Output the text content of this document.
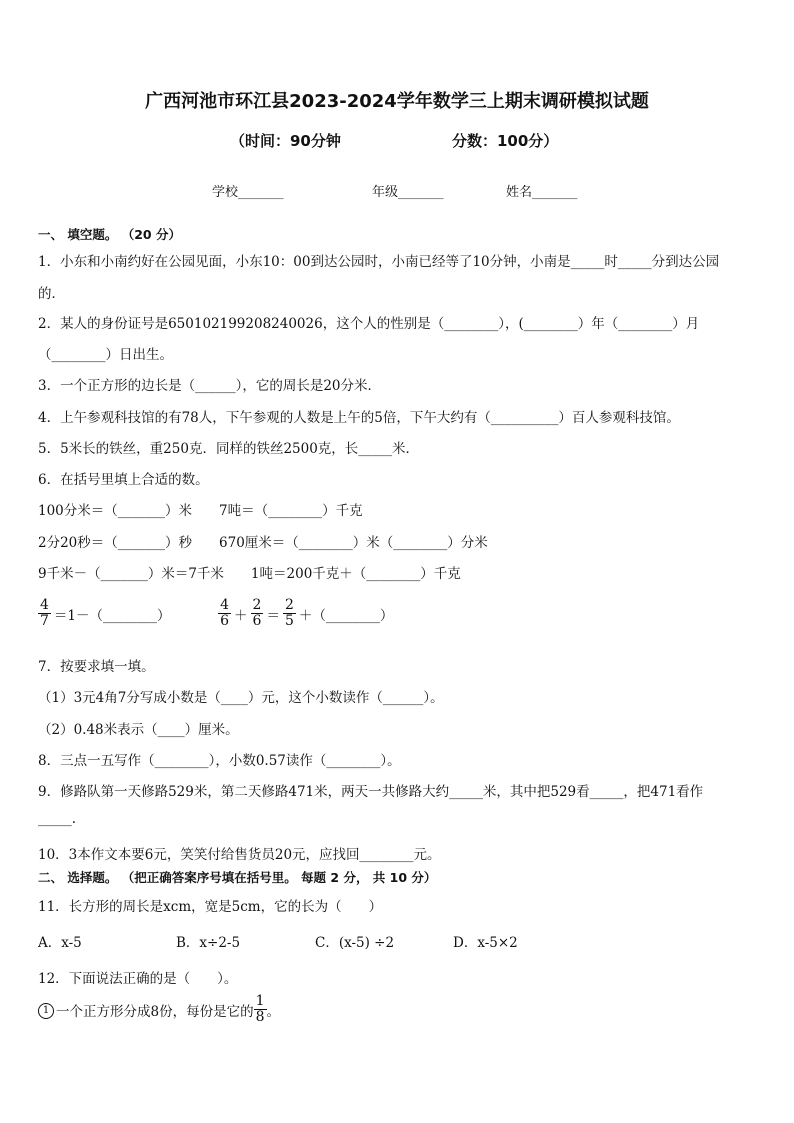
广西河池市环江县2023-2024学年数学三上期末调研模拟试题
（时间：90分钟	分数：100分）
学校_______	年级_______	姓名_______
一、 填空题。 （20 分）
1．小东和小南约好在公园见面，小东10：00到达公园时，小南已经等了10分钟，小南是_____时_____分到达公园
的．
2．某人的身份证号是650102199208240026，这个人的性别是（________），(________）年（________）月
（________）日出生。
3．一个正方形的边长是（______），它的周长是20分米．
4．上午参观科技馆的有78人，下午参观的人数是上午的5倍，下午大约有（__________）百人参观科技馆。
5．5米长的铁丝，重250克．同样的铁丝2500克，长_____米．
6．在括号里填上合适的数。
100分米＝（_______）米　　7吨＝（________）千克
2分20秒＝（_______）秒　　670厘米＝（________）米（________）分米
9千米－（_______）米＝7千米　　1吨＝200千克＋（________）千克
$\frac{4}{7}$ ＝1－（________）	$\frac{4}{6} + \frac{2}{6} = \frac{2}{5}$ ＋（________）
7．按要求填一填。
（1）3元4角7分写成小数是（____）元，这个小数读作（______）。
（2）0.48米表示（____）厘米。
8．三点一五写作（________），小数0.57读作（________）。
9．修路队第一天修路529米，第二天修路471米，两天一共修路大约_____米，其中把529看_____，把471看作
_____.
10．3本作文本要6元，笑笑付给售货员20元，应找回________元。
二、 选择题。 （把正确答案序号填在括号里。 每题 2 分， 共 10 分）
11．长方形的周长是xcm，宽是5cm，它的长为（　　）
A．x-5	B．x÷2-5	C．(x-5) ÷2	D．x-5×2
12．下面说法正确的是（　　）。
1 一个正方形分成8份，每份是它的 $\frac{1}{8}$ 。
